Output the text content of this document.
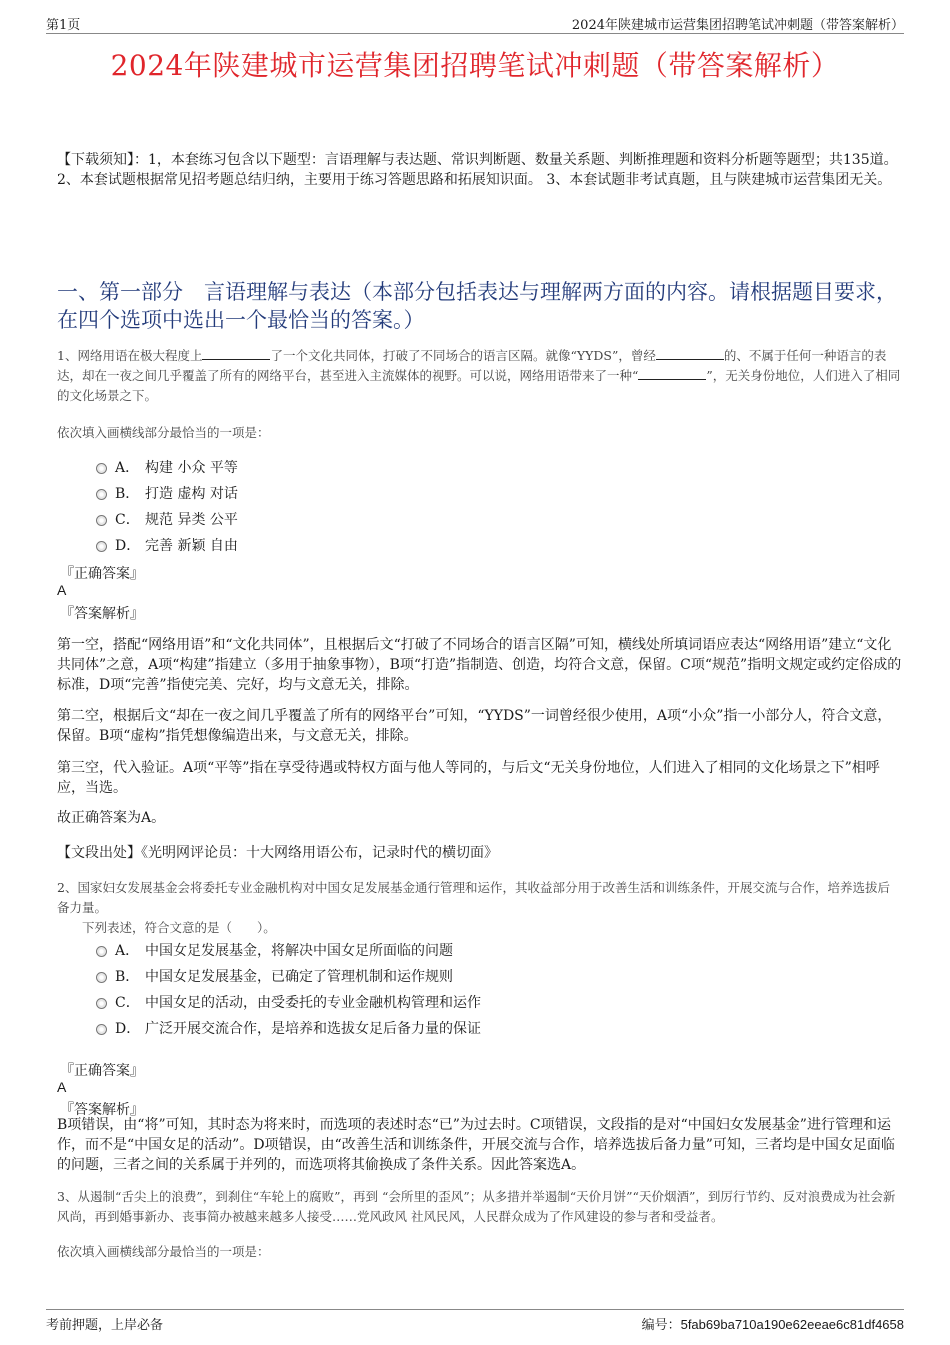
第1页	2024年陕建城市运营集团招聘笔试冲刺题（带答案解析）
2024年陕建城市运营集团招聘笔试冲刺题（带答案解析）
【下载须知】：1，本套练习包含以下题型：言语理解与表达题、常识判断题、数量关系题、判断推理题和资料分析题等题型；共135道。 2、本套试题根据常见招考题总结归纳，主要用于练习答题思路和拓展知识面。 3、本套试题非考试真题，且与陕建城市运营集团无关。
一、第一部分　言语理解与表达（本部分包括表达与理解两方面的内容。请根据题目要求，在四个选项中选出一个最恰当的答案。）
1、网络用语在极大程度上	了一个文化共同体，打破了不同场合的语言区隔。就像“YYDS”，曾经	的、不属于任何一种语言的表达，却在一夜之间几乎覆盖了所有的网络平台，甚至进入主流媒体的视野。可以说，网络用语带来了一种“	”，无关身份地位，人们进入了相同的文化场景之下。
依次填入画横线部分最恰当的一项是：
A． 构建 小众 平等
B． 打造 虚构 对话
C． 规范 异类 公平
D． 完善 新颖 自由
『正确答案』
A
『答案解析』
第一空，搭配“网络用语”和“文化共同体”，且根据后文“打破了不同场合的语言区隔”可知，横线处所填词语应表达“网络用语”建立“文化共同体”之意，A项“构建”指建立（多用于抽象事物），B项“打造”指制造、创造，均符合文意，保留。C项“规范”指明文规定或约定俗成的标准，D项“完善”指使完美、完好，均与文意无关，排除。
第二空，根据后文“却在一夜之间几乎覆盖了所有的网络平台”可知，“YYDS”一词曾经很少使用，A项“小众”指一小部分人，符合文意，保留。B项“虚构”指凭想像编造出来，与文意无关，排除。
第三空，代入验证。A项“平等”指在享受待遇或特权方面与他人等同的，与后文“无关身份地位，人们进入了相同的文化场景之下”相呼应，当选。
故正确答案为A。
【文段出处】《光明网评论员：十大网络用语公布，记录时代的横切面》
2、国家妇女发展基金会将委托专业金融机构对中国女足发展基金通行管理和运作，其收益部分用于改善生活和训练条件，开展交流与合作，培养选拔后备力量。
下列表述，符合文意的是（　　）。
A． 中国女足发展基金，将解决中国女足所面临的问题
B． 中国女足发展基金，已确定了管理机制和运作规则
C． 中国女足的活动，由受委托的专业金融机构管理和运作
D． 广泛开展交流合作，是培养和选拔女足后备力量的保证
『正确答案』
A
『答案解析』
B项错误，由“将”可知，其时态为将来时，而选项的表述时态“已”为过去时。C项错误，文段指的是对“中国妇女发展基金”进行管理和运作，而不是“中国女足的活动”。D项错误，由“改善生活和训练条件，开展交流与合作，培养选拔后备力量”可知，三者均是中国女足面临的问题，三者之间的关系属于并列的，而选项将其偷换成了条件关系。因此答案选A。
3、从遏制“舌尖上的浪费”，到刹住“车轮上的腐败”，再到 “会所里的歪风”；从多措并举遏制“天价月饼”“天价烟酒”，到厉行节约、反对浪费成为社会新风尚，再到婚事新办、丧事简办被越来越多人接受……党风政风 社风民风，人民群众成为了作风建设的参与者和受益者。
依次填入画横线部分最恰当的一项是：
考前押题，上岸必备	编号：5fab69ba710a190e62eeae6c81df4658
